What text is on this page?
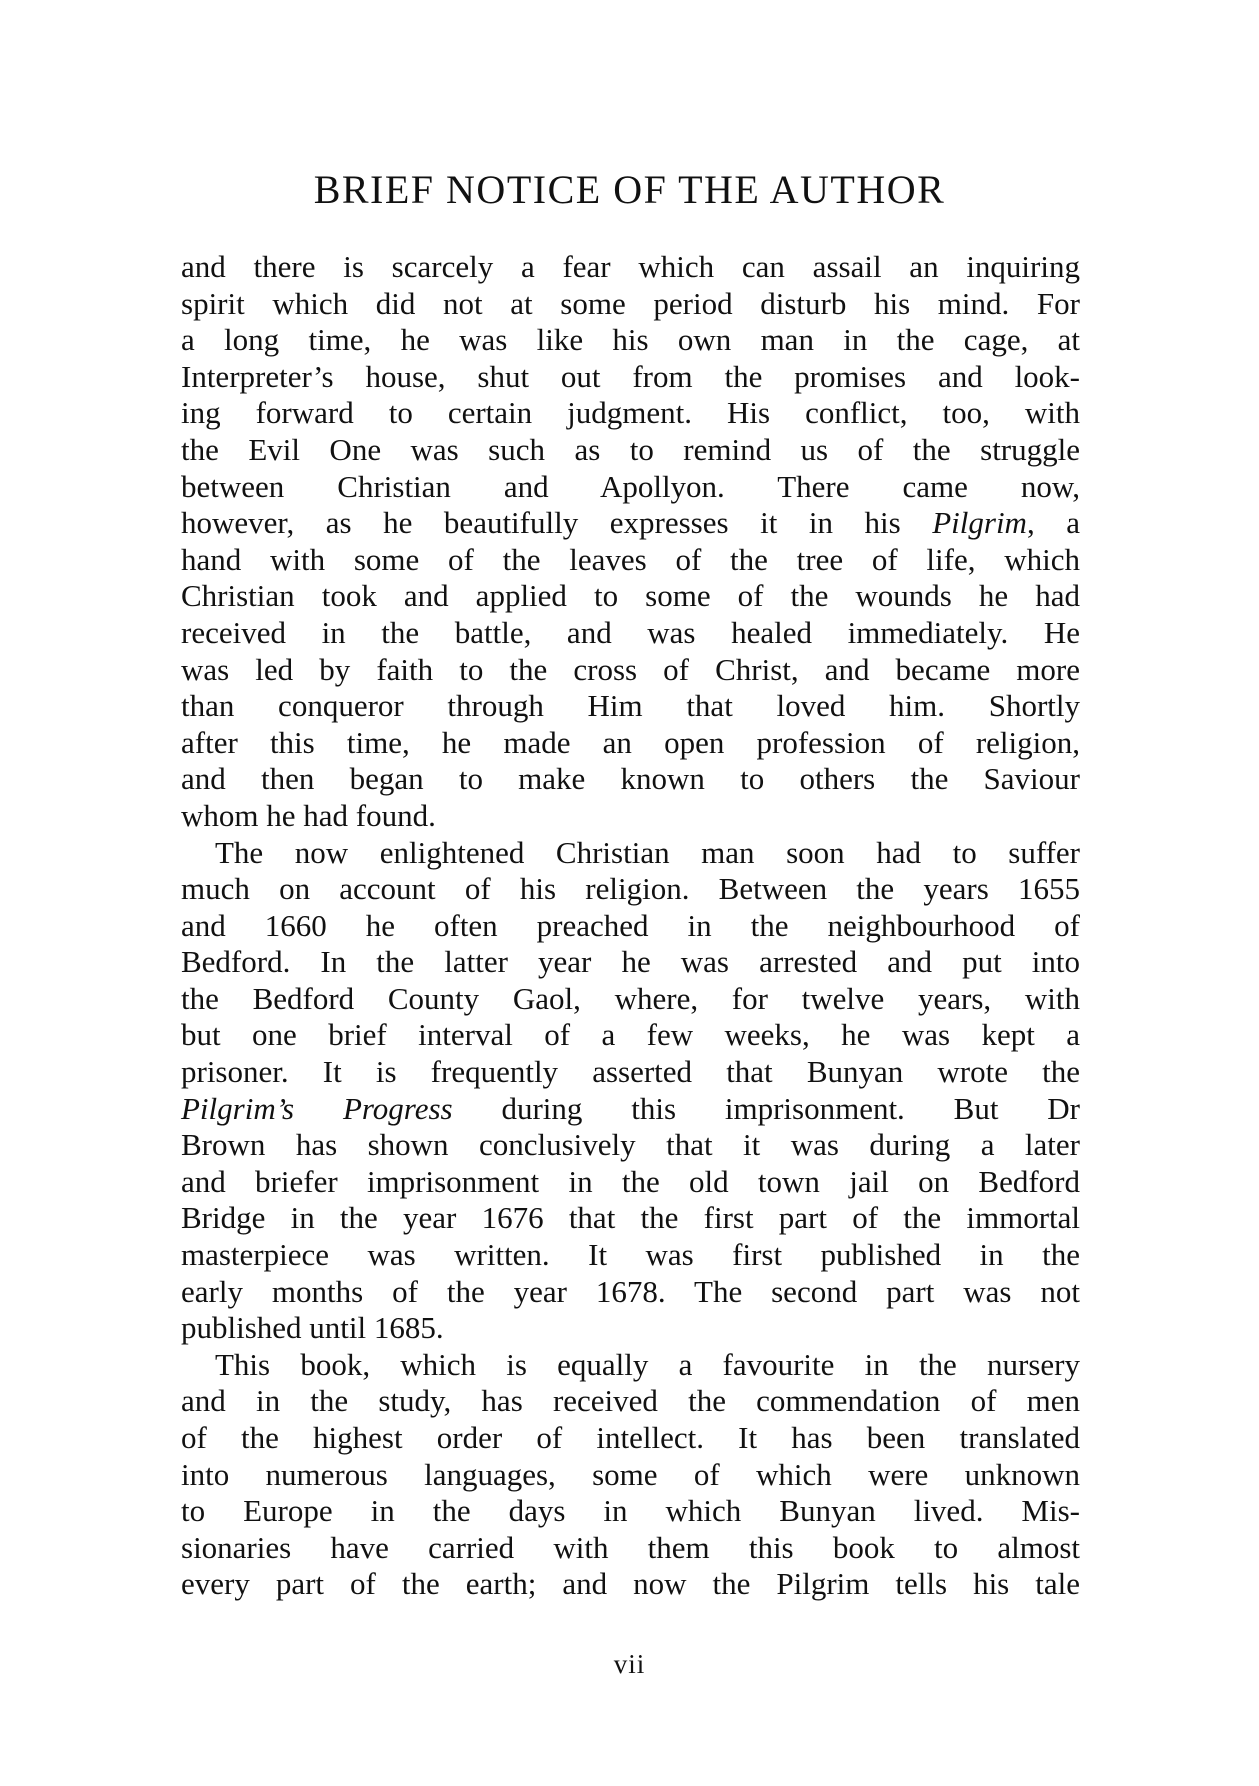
BRIEF NOTICE OF THE AUTHOR

and there is scarcely a fear which can assail an inquiring

spirit which did not at some period disturb his mind. For

a long time, he was like his own man in the cage, at

Interpreter’s house, shut out from the promises and look-

ing forward to certain judgment. His conflict, too, with

the Evil One was such as to remind us of the struggle

between Christian and Apollyon. There came now,

however, as he beautifully expresses it in his Pilgrim, a

hand with some of the leaves of the tree of life, which

Christian took and applied to some of the wounds he had

received in the battle, and was healed immediately. He

was led by faith to the cross of Christ, and became more

than conqueror through Him that loved him. Shortly

after this time, he made an open profession of religion,

and then began to make known to others the Saviour

whom he had found.

The now enlightened Christian man soon had to suffer

much on account of his religion. Between the years 1655

and 1660 he often preached in the neighbourhood of

Bedford. In the latter year he was arrested and put into

the Bedford County Gaol, where, for twelve years, with

but one brief interval of a few weeks, he was kept a

prisoner. It is frequently asserted that Bunyan wrote the

Pilgrim’s Progress during this imprisonment. But Dr

Brown has shown conclusively that it was during a later

and briefer imprisonment in the old town jail on Bedford

Bridge in the year 1676 that the first part of the immortal

masterpiece was written. It was first published in the

early months of the year 1678. The second part was not

published until 1685.

This book, which is equally a favourite in the nursery

and in the study, has received the commendation of men

of the highest order of intellect. It has been translated

into numerous languages, some of which were unknown

to Europe in the days in which Bunyan lived. Mis-

sionaries have carried with them this book to almost

every part of the earth; and now the Pilgrim tells his tale

vii
